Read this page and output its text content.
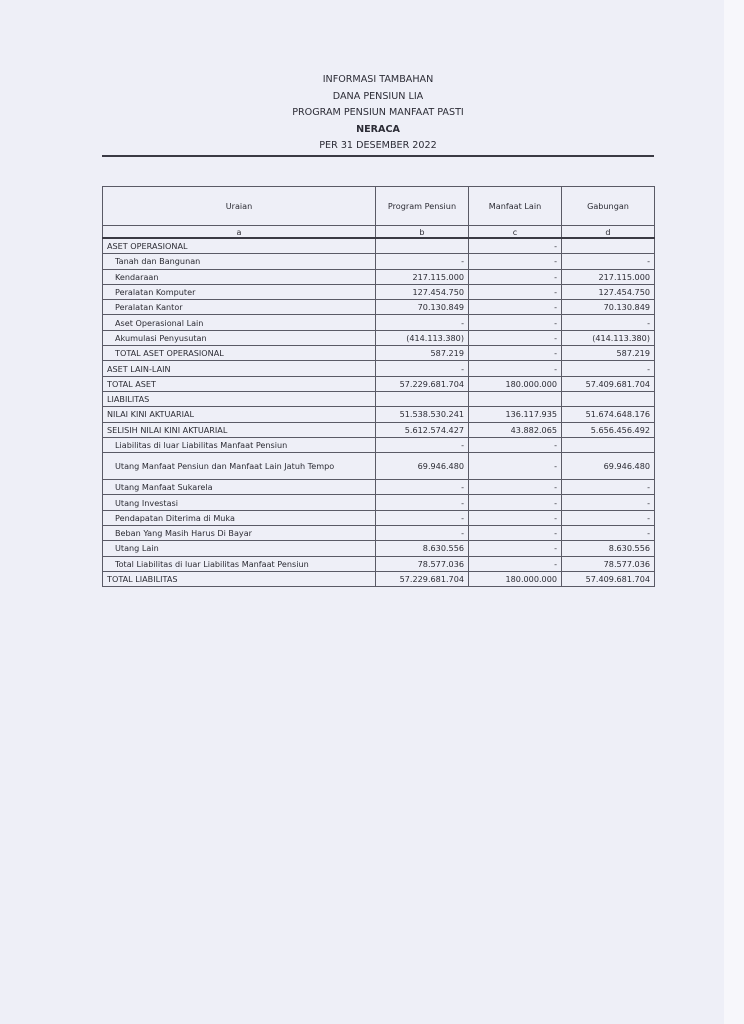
INFORMASI TAMBAHAN
DANA PENSIUN LIA
PROGRAM PENSIUN MANFAAT PASTI
NERACA
PER 31 DESEMBER 2022
Uraian	Program Pensiun	Manfaat Lain	Gabungan
a	b	c	d
ASET OPERASIONAL		-	
Tanah dan Bangunan	-	-	-
Kendaraan	217.115.000	-	217.115.000
Peralatan Komputer	127.454.750	-	127.454.750
Peralatan Kantor	70.130.849	-	70.130.849
Aset Operasional Lain	-	-	-
Akumulasi Penyusutan	(414.113.380)	-	(414.113.380)
TOTAL ASET OPERASIONAL	587.219	-	587.219
ASET LAIN-LAIN	-	-	-
TOTAL ASET	57.229.681.704	180.000.000	57.409.681.704
LIABILITAS			
NILAI KINI AKTUARIAL	51.538.530.241	136.117.935	51.674.648.176
SELISIH NILAI KINI AKTUARIAL	5.612.574.427	43.882.065	5.656.456.492
Liabilitas di luar Liabilitas Manfaat Pensiun	-	-	
Utang Manfaat Pensiun dan Manfaat Lain Jatuh Tempo	69.946.480	-	69.946.480
Utang Manfaat Sukarela	-	-	-
Utang Investasi	-	-	-
Pendapatan Diterima di Muka	-	-	-
Beban Yang Masih Harus Di Bayar	-	-	-
Utang Lain	8.630.556	-	8.630.556
Total Liabilitas di luar Liabilitas Manfaat Pensiun	78.577.036	-	78.577.036
TOTAL LIABILITAS	57.229.681.704	180.000.000	57.409.681.704
